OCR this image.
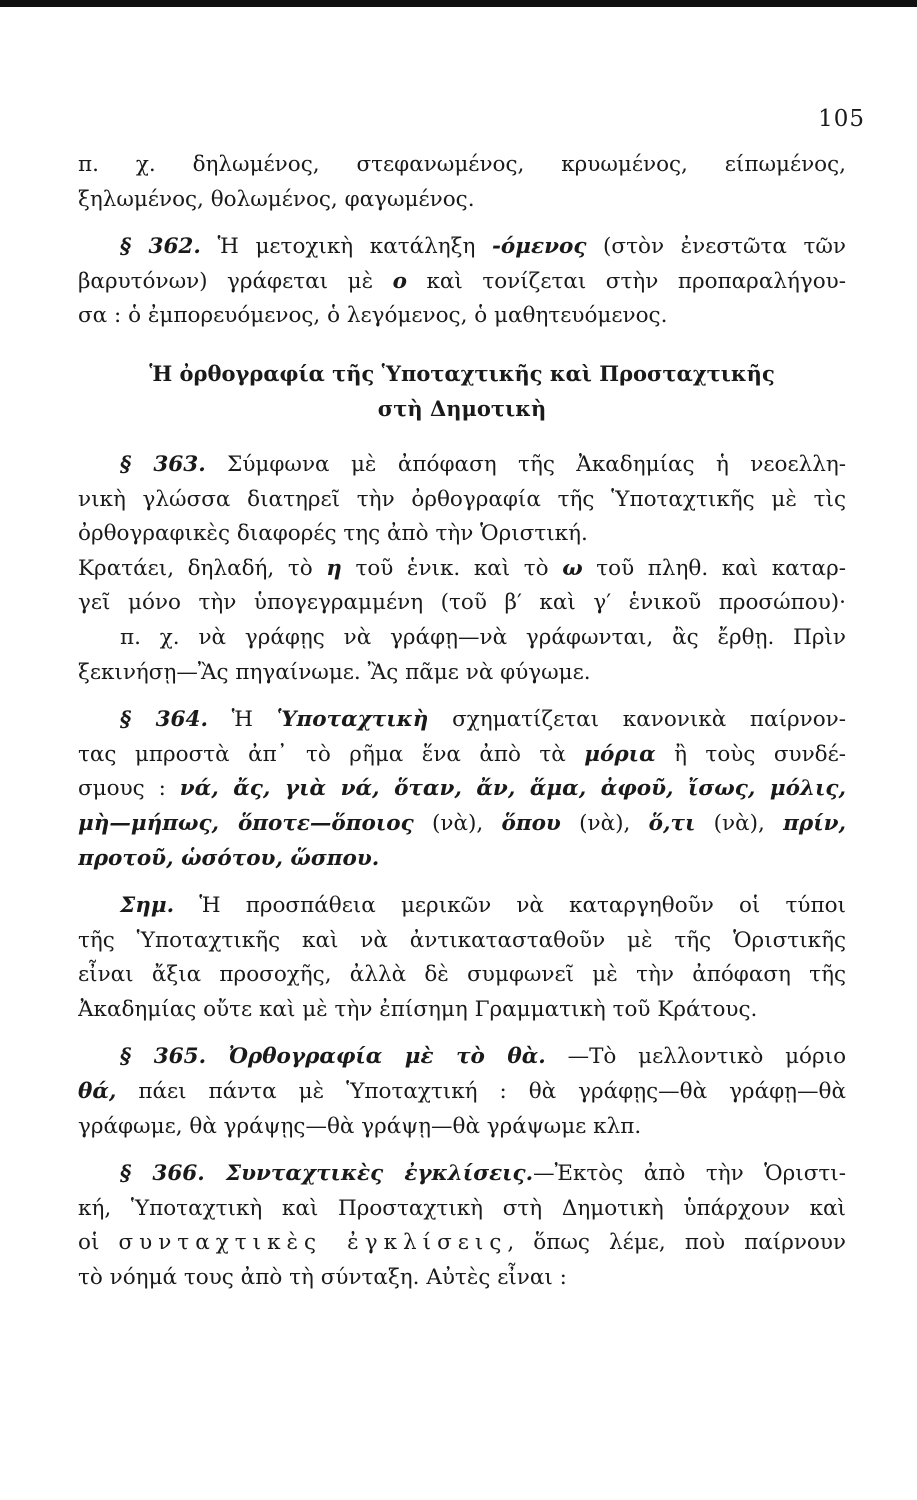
105
π. χ. δηλωμένος, στεφανωμένος, κρυωμένος, είπωμένος,
ξηλωμένος, θολωμένος, φαγωμένος.
§ 362. Ἡ μετοχικὴ κατάληξη -όμενος (στὸν ἐνεστῶτα τῶν
βαρυτόνων) γράφεται μὲ ο καὶ τονίζεται στὴν προπαραλήγου-
σα : ὁ ἐμπορευόμενος, ὁ λεγόμενος, ὁ μαθητευόμενος.
Ἡ ὀρθογραφία τῆς Ὑποταχτικῆς καὶ Προσταχτικῆς
στὴ Δημοτικὴ
§ 363. Σύμφωνα μὲ ἀπόφαση τῆς Ἀκαδημίας ἡ νεοελλη-
νικὴ γλώσσα διατηρεῖ τὴν ὀρθογραφία τῆς Ὑποταχτικῆς μὲ τὶς
ὀρθογραφικὲς διαφορές της ἀπὸ τὴν Ὁριστική.
Κρατάει, δηλαδή, τὸ η τοῦ ἑνικ. καὶ τὸ ω τοῦ πληθ. καὶ καταρ-
γεῖ μόνο τὴν ὑπογεγραμμένη (τοῦ β′ καὶ γ′ ἑνικοῦ προσώπου)·
π. χ. νὰ γράφῃς νὰ γράφῃ—νὰ γράφωνται, ἂς ἔρθῃ. Πρὶν
ξεκινήσῃ—Ἂς πηγαίνωμε. Ἂς πᾶμε νὰ φύγωμε.
§ 364. Ἡ Ὑποταχτικὴ σχηματίζεται κανονικὰ παίρνον-
τας μπροστὰ ἀπ᾿ τὸ ρῆμα ἕνα ἀπὸ τὰ μόρια ἢ τοὺς συνδέ-
σμους : νά, ἄς, γιὰ νά, ὅταν, ἄν, ἅμα, ἀφοῦ, ἴσως, μόλις,
μὴ—μήπως, ὅποτε—ὅποιος (νὰ), ὅπου (νὰ), ὅ,τι (νὰ), πρίν,
προτοῦ, ὡσότου, ὥσπου.
Σημ. Ἡ προσπάθεια μερικῶν νὰ καταργηθοῦν οἱ τύποι
τῆς Ὑποταχτικῆς καὶ νὰ ἀντικατασταθοῦν μὲ τῆς Ὁριστικῆς
εἶναι ἄξια προσοχῆς, ἀλλὰ δὲ συμφωνεῖ μὲ τὴν ἀπόφαση τῆς
Ἀκαδημίας οὔτε καὶ μὲ τὴν ἐπίσημη Γραμματικὴ τοῦ Κράτους.
§ 365. Ὀρθογραφία μὲ τὸ θὰ. —Τὸ μελλοντικὸ μόριο
θά, πάει πάντα μὲ Ὑποταχτική : θὰ γράφῃς—θὰ γράφῃ—θὰ
γράφωμε, θὰ γράψῃς—θὰ γράψῃ—θὰ γράψωμε κλπ.
§ 366. Συνταχτικὲς ἐγκλίσεις.—Ἐκτὸς ἀπὸ τὴν Ὁριστι-
κή, Ὑποταχτικὴ καὶ Προσταχτικὴ στὴ Δημοτικὴ ὑπάρχουν καὶ
οἱ συνταχτικὲς ἐγκλίσεις, ὅπως λέμε, ποὺ παίρνουν
τὸ νόημά τους ἀπὸ τὴ σύνταξη. Αὐτὲς εἶναι :
